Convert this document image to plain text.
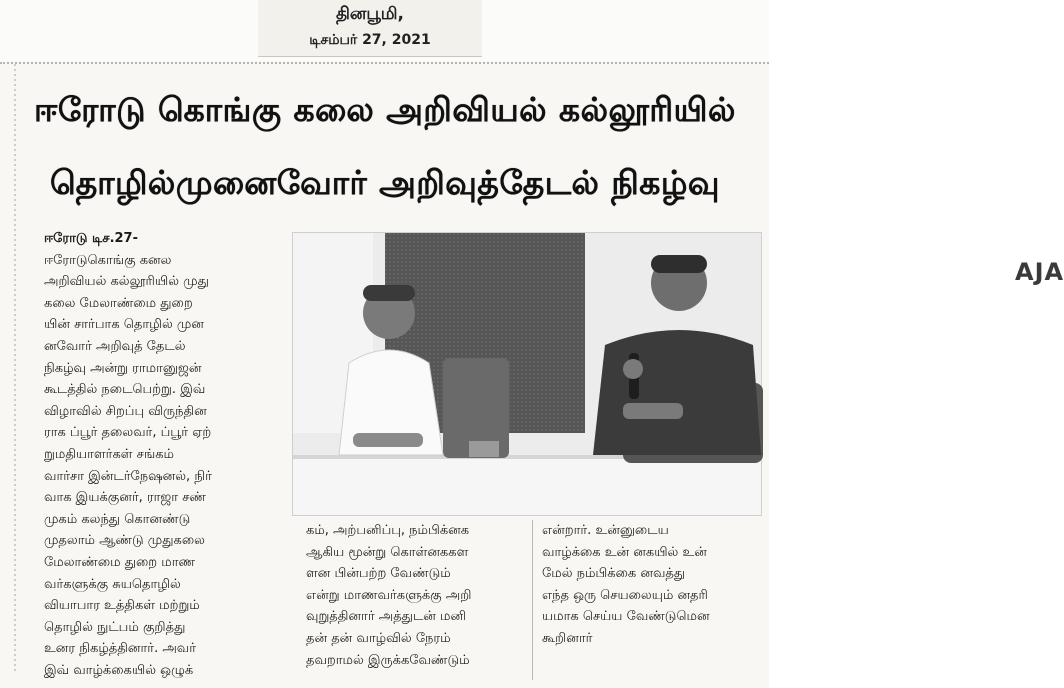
தினபூமி,
டிசம்பர் 27, 2021
ஈரோடு கொங்கு கலை அறிவியல் கல்லூரியில்
தொழில்முனைவோர் அறிவுத்தேடல் நிகழ்வு

ஈரோடு டிச.27-

ஈரோடுகொங்கு கனல

அறிவியல் கல்லூரியில் முது

கலை மேலாண்மை துறை

யின் சார்பாக தொழில் முன

னவோர் அறிவுத் தேடல்

நிகழ்வு அன்று ராமானுஜன்

கூடத்தில் நடைபெற்று. இவ்

விழாவில் சிறப்பு விருந்தின

ராக ப்பூர் தலைவர், ப்பூர் ஏற்

றுமதியாளர்கள் சங்கம்

வார்சா இன்டர்நேஷனல், நிர்

வாக இயக்குனர், ராஜா சண்

முகம் கலந்து கொனண்டு

முதலாம் ஆண்டு முதுகலை

மேலாண்மை துறை மாண

வர்களுக்கு சுயதொழில்

வியாபார உத்திகள் மற்றும்

தொழில் நுட்பம் குறித்து

உனர நிகழ்த்தினார். அவர்

இவ் வாழ்க்கையில் ஒழுக்

AJA

கம், அற்பனிப்பு, நம்பிக்னக

ஆகிய மூன்று கொள்னககள

ளன பின்பற்ற வேண்டும்

என்று மாணவர்களுக்கு அறி

வுறுத்தினார் அத்துடன் மனி

தன் தன் வாழ்வில் நேரம்

தவறாமல் இருக்கவேண்டும்

என்றார். உன்னுடைய

வாழ்க்கை உன் னகயில் உன்

மேல் நம்பிக்கை னவத்து

எந்த ஒரு செயலையும் னதரி

யமாக செய்ய வேண்டுமென

கூறினார்
